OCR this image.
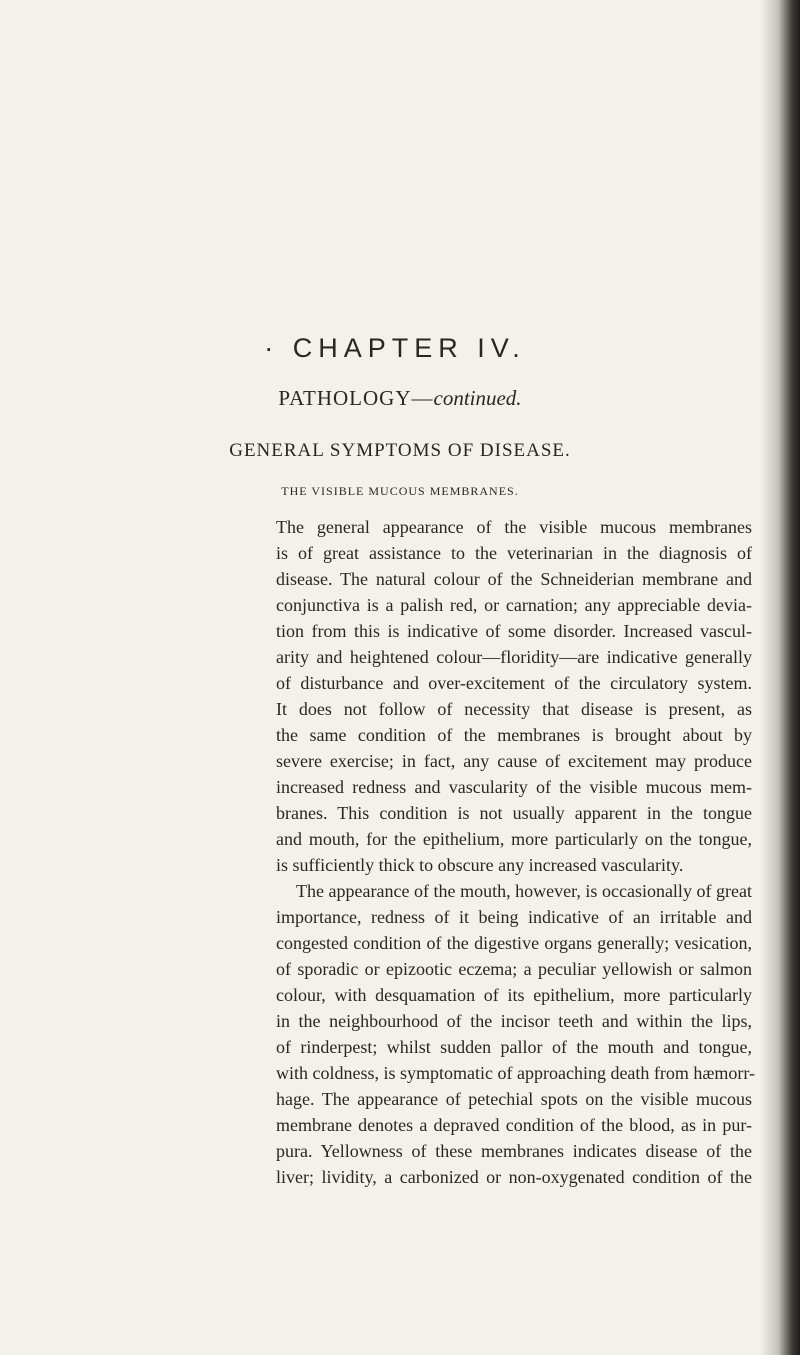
· CHAPTER IV.
PATHOLOGY—continued.
GENERAL SYMPTOMS OF DISEASE.
THE VISIBLE MUCOUS MEMBRANES.
The general appearance of the visible mucous membranes
is of great assistance to the veterinarian in the diagnosis of
disease. The natural colour of the Schneiderian membrane and
conjunctiva is a palish red, or carnation; any appreciable devia-
tion from this is indicative of some disorder. Increased vascul-
arity and heightened colour—floridity—are indicative generally
of disturbance and over-excitement of the circulatory system.
It does not follow of necessity that disease is present, as
the same condition of the membranes is brought about by
severe exercise; in fact, any cause of excitement may produce
increased redness and vascularity of the visible mucous mem-
branes. This condition is not usually apparent in the tongue
and mouth, for the epithelium, more particularly on the tongue,
is sufficiently thick to obscure any increased vascularity.
The appearance of the mouth, however, is occasionally of great
importance, redness of it being indicative of an irritable and
congested condition of the digestive organs generally; vesication,
of sporadic or epizootic eczema; a peculiar yellowish or salmon
colour, with desquamation of its epithelium, more particularly
in the neighbourhood of the incisor teeth and within the lips,
of rinderpest; whilst sudden pallor of the mouth and tongue,
with coldness, is symptomatic of approaching death from hæmorr-
hage. The appearance of petechial spots on the visible mucous
membrane denotes a depraved condition of the blood, as in pur-
pura. Yellowness of these membranes indicates disease of the
liver; lividity, a carbonized or non-oxygenated condition of the
